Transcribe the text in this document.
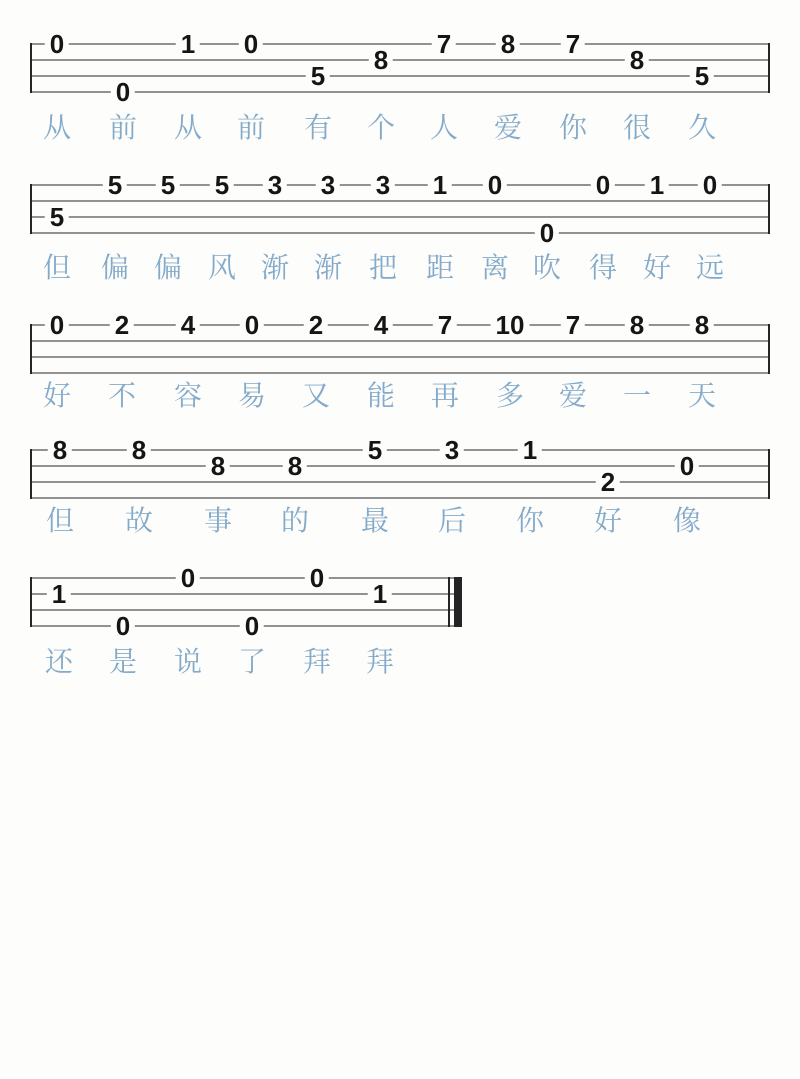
0
0
1 0
5
8
7 8 7
8
5
从 前 从 前 有 个 人 爱 你 很 久
5
5 5 5 3 3 3 1 0
0
0 1 0
但 偏 偏 风 渐 渐 把 距 离 吹 得 好 远
0 2 4 0 2 4 7 10 7 8 8
好 不 容 易 又 能 再 多 爱 一 天
8 8
8 8
5 3 1
2
0
但 故 事 的 最 后 你 好 像
1
0
0
0
0
1
还 是 说 了 拜 拜
